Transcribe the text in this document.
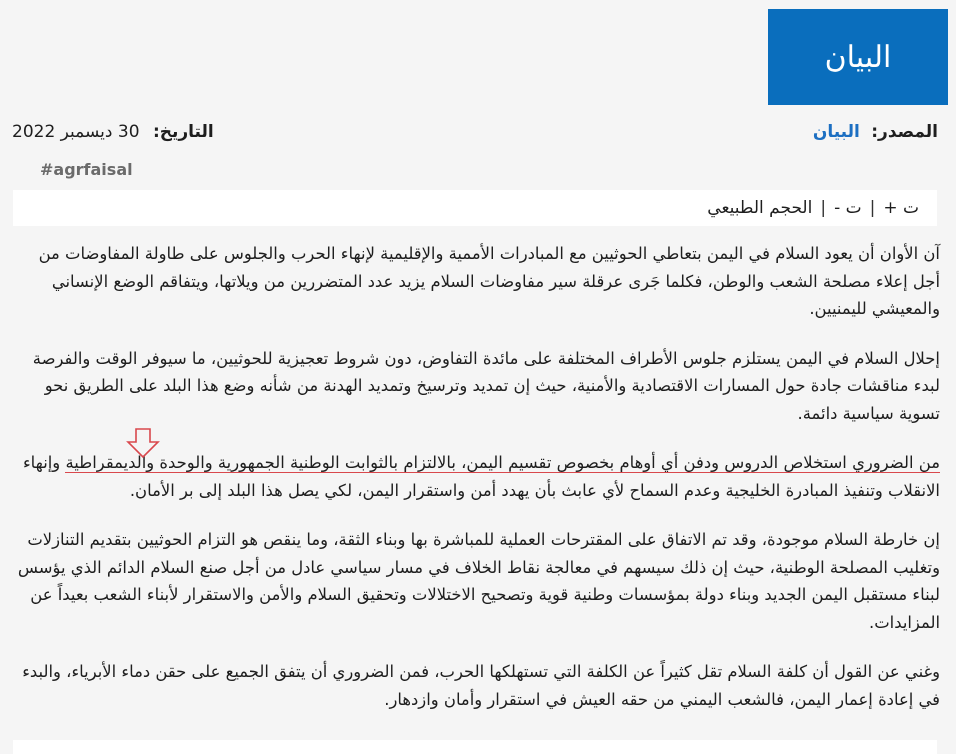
البيان
المصدر: البيان
التاريخ: 30 ديسمبر 2022
#agrfaisal
ت +
|
ت -
|
الحجم الطبيعي

آن الأوان أن يعود السلام في اليمن بتعاطي الحوثيين مع المبادرات الأممية والإقليمية لإنهاء الحرب والجلوس على طاولة المفاوضات من أجل إعلاء مصلحة الشعب والوطن، فكلما جَرى عرقلة سير مفاوضات السلام يزيد عدد المتضررين من ويلاتها، ويتفاقم الوضع الإنساني والمعيشي لليمنيين.

إحلال السلام في اليمن يستلزم جلوس الأطراف المختلفة على مائدة التفاوض، دون شروط تعجيزية للحوثيين، ما سيوفر الوقت والفرصة لبدء مناقشات جادة حول المسارات الاقتصادية والأمنية، حيث إن تمديد وترسيخ وتمديد الهدنة من شأنه وضع هذا البلد على الطريق نحو تسوية سياسية دائمة.

من الضروري استخلاص الدروس ودفن أي أوهام بخصوص تقسيم اليمن، بالالتزام بالثوابت الوطنية الجمهورية والوحدة والديمقراطية وإنهاء الانقلاب وتنفيذ المبادرة الخليجية وعدم السماح لأي عابث بأن يهدد أمن واستقرار اليمن، لكي يصل هذا البلد إلى بر الأمان.

إن خارطة السلام موجودة، وقد تم الاتفاق على المقترحات العملية للمباشرة بها وبناء الثقة، وما ينقص هو التزام الحوثيين بتقديم التنازلات وتغليب المصلحة الوطنية، حيث إن ذلك سيسهم في معالجة نقاط الخلاف في مسار سياسي عادل من أجل صنع السلام الدائم الذي يؤسس لبناء مستقبل اليمن الجديد وبناء دولة بمؤسسات وطنية قوية وتصحيح الاختلالات وتحقيق السلام والأمن والاستقرار لأبناء الشعب بعيداً عن المزايدات.

وغني عن القول أن كلفة السلام تقل كثيراً عن الكلفة التي تستهلكها الحرب، فمن الضروري أن يتفق الجميع على حقن دماء الأبرياء، والبدء في إعادة إعمار اليمن، فالشعب اليمني من حقه العيش في استقرار وأمان وازدهار.
